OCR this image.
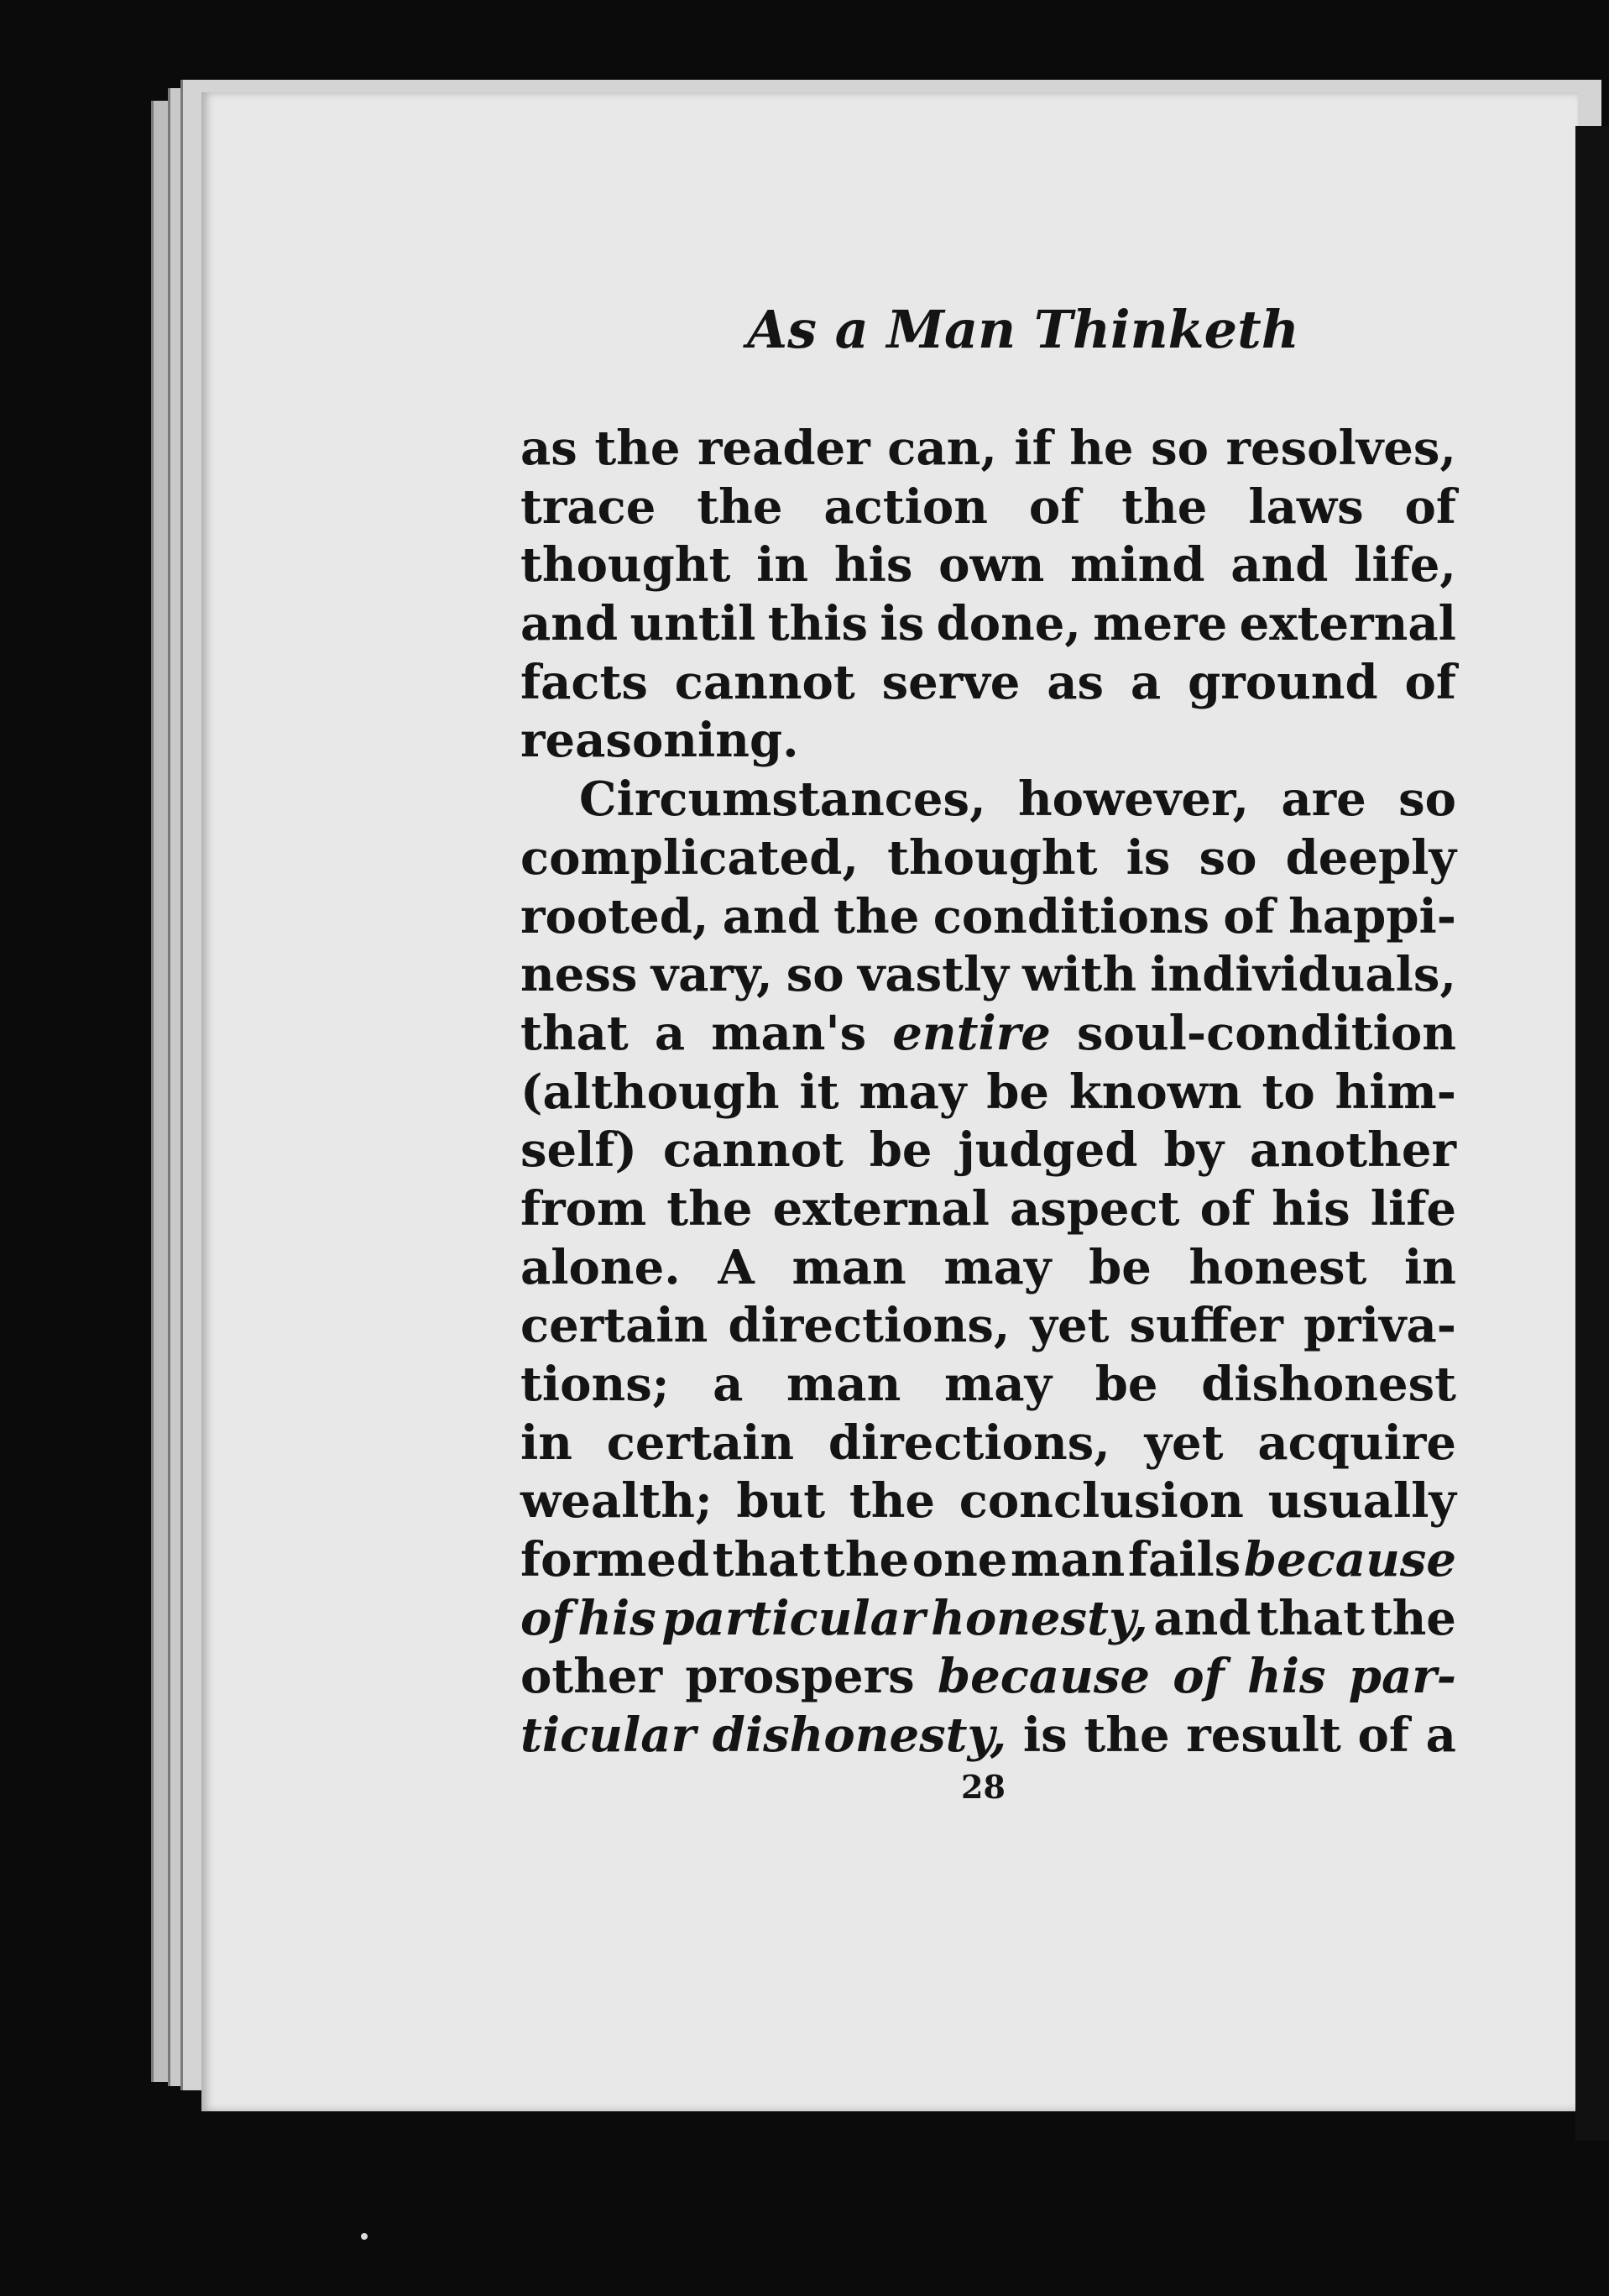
As a Man Thinketh
as the reader can, if he so resolves,
trace the action of the laws of
thought in his own mind and life,
and until this is done, mere external
facts cannot serve as a ground of
reasoning.
Circumstances, however, are so
complicated, thought is so deeply
rooted, and the conditions of happi-
ness vary, so vastly with individuals,
that a man's entire soul-condition
(although it may be known to him-
self) cannot be judged by another
from the external aspect of his life
alone. A man may be honest in
certain directions, yet suffer priva-
tions; a man may be dishonest
in certain directions, yet acquire
wealth; but the conclusion usually
formed that the one man fails because
of his particular honesty, and that the
other prospers because of his par-
ticular dishonesty, is the result of a
28
